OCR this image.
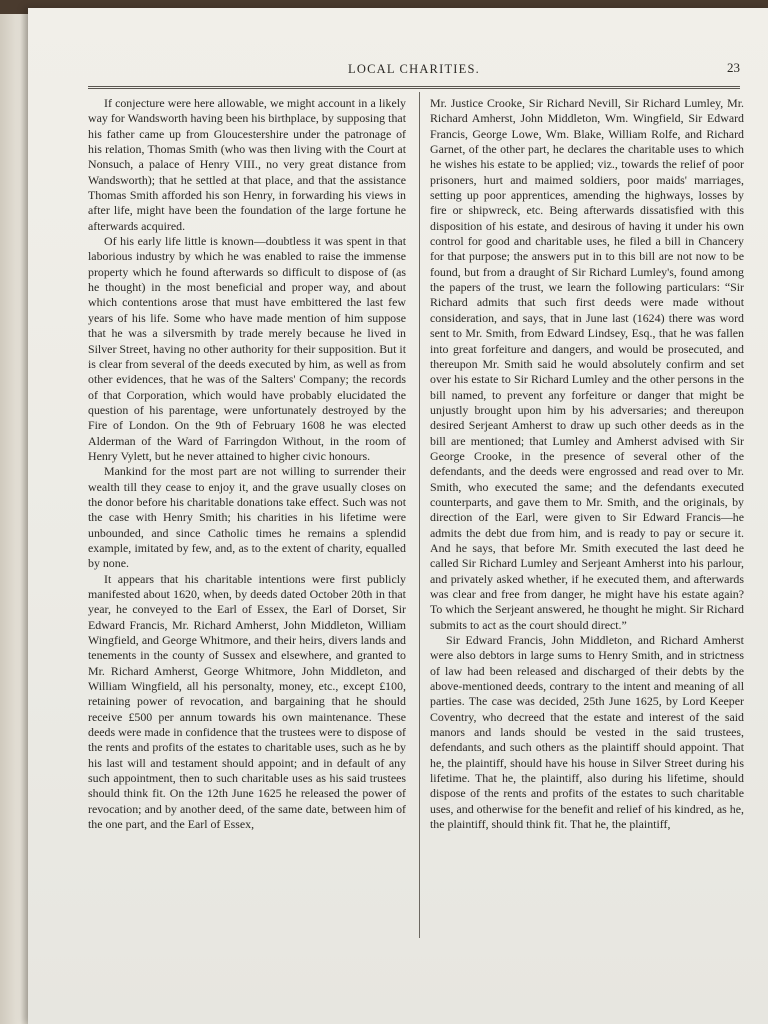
LOCAL CHARITIES.	23

If conjecture were here allowable, we might account in a likely way for Wandsworth having been his birthplace, by supposing that his father came up from Gloucestershire under the patronage of his relation, Thomas Smith (who was then living with the Court at Nonsuch, a palace of Henry VIII., no very great distance from Wandsworth); that he settled at that place, and that the assistance Thomas Smith afforded his son Henry, in forwarding his views in after life, might have been the foundation of the large fortune he afterwards acquired.

Of his early life little is known—doubtless it was spent in that laborious industry by which he was enabled to raise the immense property which he found afterwards so difficult to dispose of (as he thought) in the most beneficial and proper way, and about which contentions arose that must have embittered the last few years of his life. Some who have made mention of him suppose that he was a silversmith by trade merely because he lived in Silver Street, having no other authority for their supposition. But it is clear from several of the deeds executed by him, as well as from other evidences, that he was of the Salters' Company; the records of that Corporation, which would have probably elucidated the question of his parentage, were unfortunately destroyed by the Fire of London. On the 9th of February 1608 he was elected Alderman of the Ward of Farringdon Without, in the room of Henry Vylett, but he never attained to higher civic honours.

Mankind for the most part are not willing to surrender their wealth till they cease to enjoy it, and the grave usually closes on the donor before his charitable donations take effect. Such was not the case with Henry Smith; his charities in his lifetime were unbounded, and since Catholic times he remains a splendid example, imitated by few, and, as to the extent of charity, equalled by none.

It appears that his charitable intentions were first publicly manifested about 1620, when, by deeds dated October 20th in that year, he conveyed to the Earl of Essex, the Earl of Dorset, Sir Edward Francis, Mr. Richard Amherst, John Middleton, William Wingfield, and George Whitmore, and their heirs, divers lands and tenements in the county of Sussex and elsewhere, and granted to Mr. Richard Amherst, George Whitmore, John Middleton, and William Wingfield, all his personalty, money, etc., except £100, retaining power of revocation, and bargaining that he should receive £500 per annum towards his own maintenance. These deeds were made in confidence that the trustees were to dispose of the rents and profits of the estates to charitable uses, such as he by his last will and testament should appoint; and in default of any such appointment, then to such charitable uses as his said trustees should think fit. On the 12th June 1625 he released the power of revocation; and by another deed, of the same date, between him of the one part, and the Earl of Essex,

Mr. Justice Crooke, Sir Richard Nevill, Sir Richard Lumley, Mr. Richard Amherst, John Middleton, Wm. Wingfield, Sir Edward Francis, George Lowe, Wm. Blake, William Rolfe, and Richard Garnet, of the other part, he declares the charitable uses to which he wishes his estate to be applied; viz., towards the relief of poor prisoners, hurt and maimed soldiers, poor maids' marriages, setting up poor apprentices, amending the highways, losses by fire or shipwreck, etc. Being afterwards dissatisfied with this disposition of his estate, and desirous of having it under his own control for good and charitable uses, he filed a bill in Chancery for that purpose; the answers put in to this bill are not now to be found, but from a draught of Sir Richard Lumley's, found among the papers of the trust, we learn the following particulars: “Sir Richard admits that such first deeds were made without consideration, and says, that in June last (1624) there was word sent to Mr. Smith, from Edward Lindsey, Esq., that he was fallen into great forfeiture and dangers, and would be prosecuted, and thereupon Mr. Smith said he would absolutely confirm and set over his estate to Sir Richard Lumley and the other persons in the bill named, to prevent any forfeiture or danger that might be unjustly brought upon him by his adversaries; and thereupon desired Serjeant Amherst to draw up such other deeds as in the bill are mentioned; that Lumley and Amherst advised with Sir George Crooke, in the presence of several other of the defendants, and the deeds were engrossed and read over to Mr. Smith, who executed the same; and the defendants executed counterparts, and gave them to Mr. Smith, and the originals, by direction of the Earl, were given to Sir Edward Francis—he admits the debt due from him, and is ready to pay or secure it. And he says, that before Mr. Smith executed the last deed he called Sir Richard Lumley and Serjeant Amherst into his parlour, and privately asked whether, if he executed them, and afterwards was clear and free from danger, he might have his estate again? To which the Serjeant answered, he thought he might. Sir Richard submits to act as the court should direct.”

Sir Edward Francis, John Middleton, and Richard Amherst were also debtors in large sums to Henry Smith, and in strictness of law had been released and discharged of their debts by the above-mentioned deeds, contrary to the intent and meaning of all parties. The case was decided, 25th June 1625, by Lord Keeper Coventry, who decreed that the estate and interest of the said manors and lands should be vested in the said trustees, defendants, and such others as the plaintiff should appoint. That he, the plaintiff, should have his house in Silver Street during his lifetime. That he, the plaintiff, also during his lifetime, should dispose of the rents and profits of the estates to such charitable uses, and otherwise for the benefit and relief of his kindred, as he, the plaintiff, should think fit. That he, the plaintiff,
